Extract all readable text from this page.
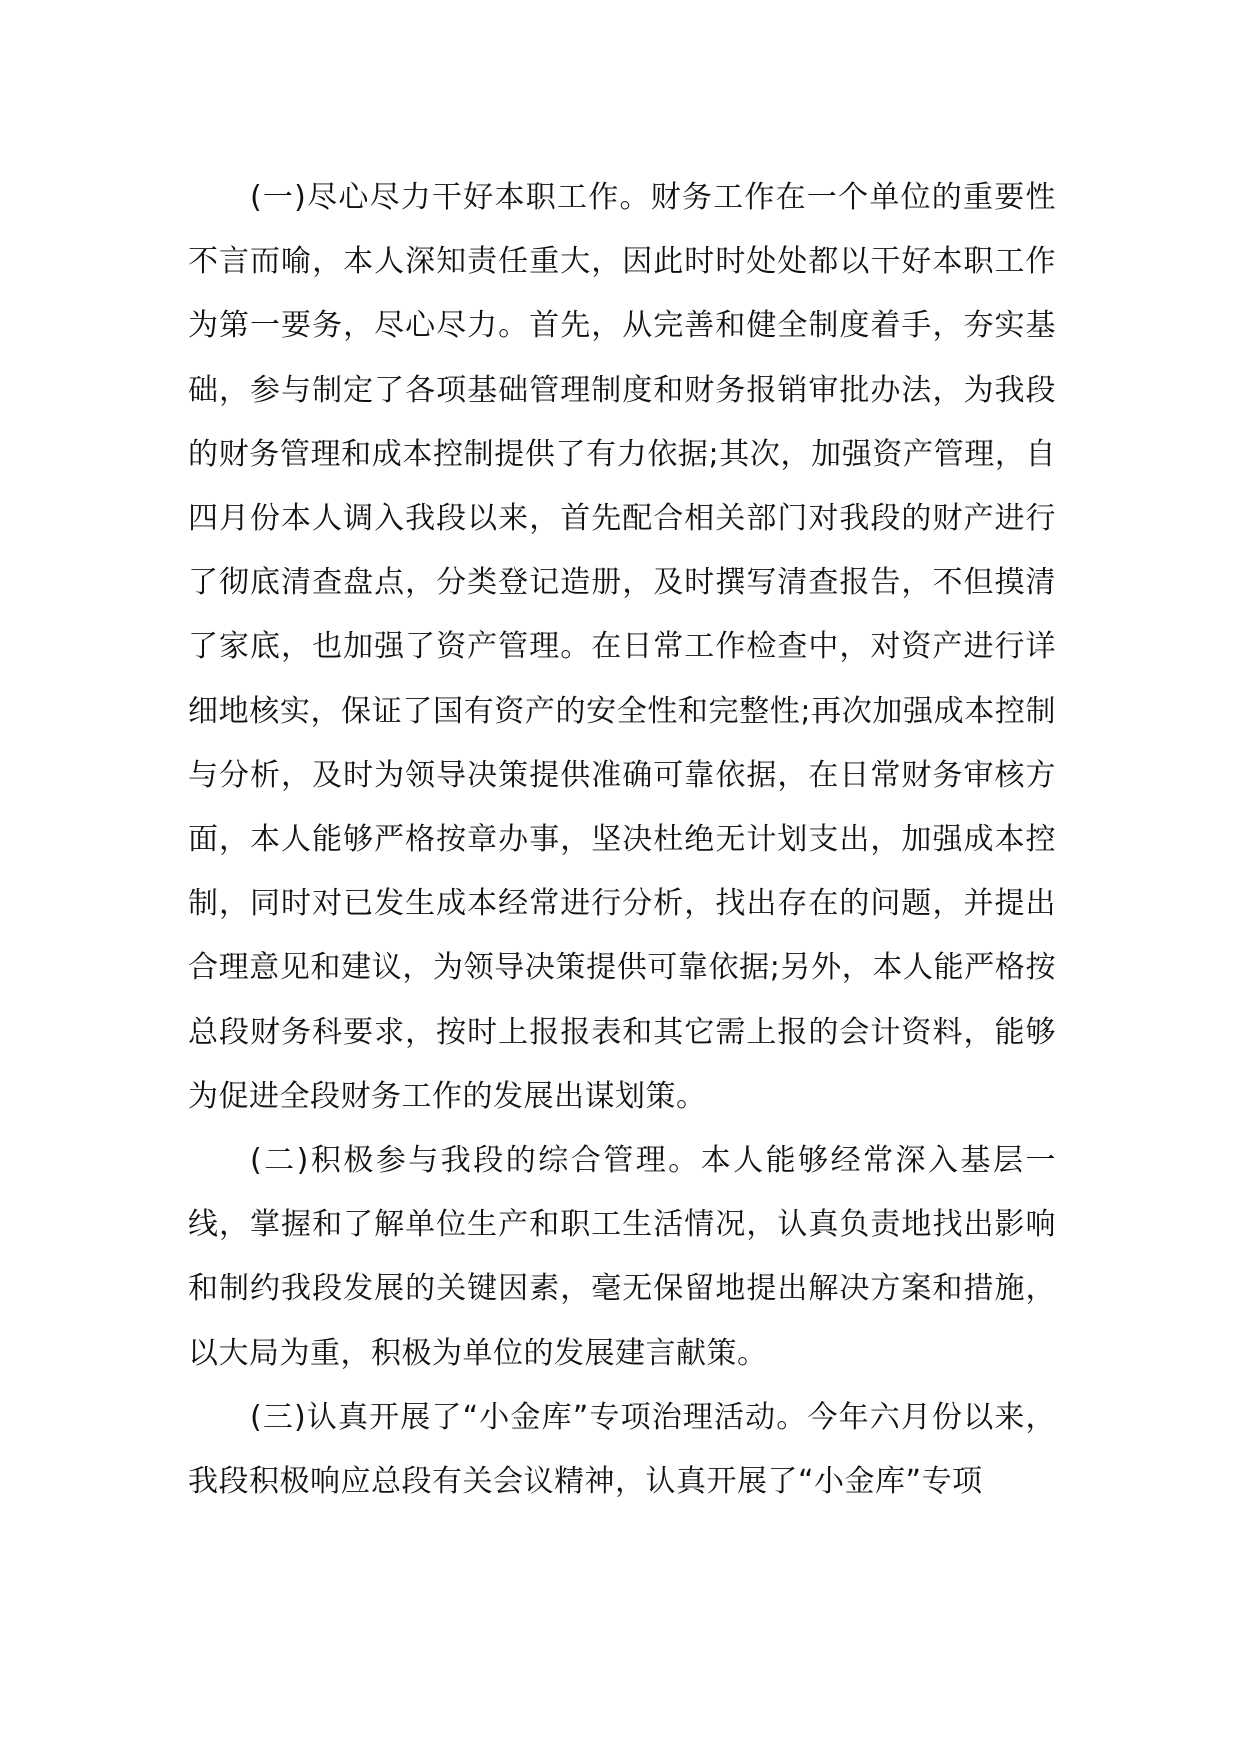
(一)尽心尽力干好本职工作。财务工作在一个单位的重要性不言而喻，本人深知责任重大，因此时时处处都以干好本职工作为第一要务，尽心尽力。首先，从完善和健全制度着手，夯实基础，参与制定了各项基础管理制度和财务报销审批办法，为我段的财务管理和成本控制提供了有力依据;其次，加强资产管理，自四月份本人调入我段以来，首先配合相关部门对我段的财产进行了彻底清查盘点，分类登记造册，及时撰写清查报告，不但摸清了家底，也加强了资产管理。在日常工作检查中，对资产进行详细地核实，保证了国有资产的安全性和完整性;再次加强成本控制与分析，及时为领导决策提供准确可靠依据，在日常财务审核方面，本人能够严格按章办事，坚决杜绝无计划支出，加强成本控制，同时对已发生成本经常进行分析，找出存在的问题，并提出合理意见和建议，为领导决策提供可靠依据;另外，本人能严格按总段财务科要求，按时上报报表和其它需上报的会计资料，能够为促进全段财务工作的发展出谋划策。

(二)积极参与我段的综合管理。本人能够经常深入基层一线，掌握和了解单位生产和职工生活情况，认真负责地找出影响和制约我段发展的关键因素，毫无保留地提出解决方案和措施，以大局为重，积极为单位的发展建言献策。

(三)认真开展了“小金库”专项治理活动。今年六月份以来，我段积极响应总段有关会议精神，认真开展了“小金库”专项
